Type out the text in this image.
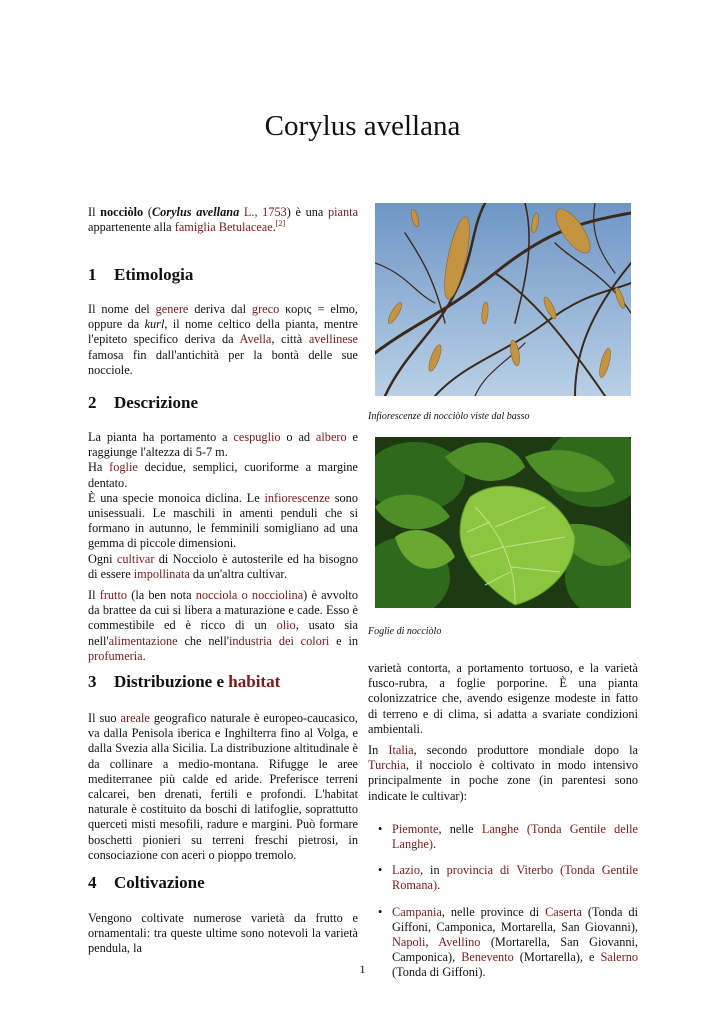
Corylus avellana
Il nocciòlo (Corylus avellana L., 1753) è una pianta appartenente alla famiglia Betulaceae.[2]
1 Etimologia
Il nome del genere deriva dal greco κορις = elmo, oppure da kurl, il nome celtico della pianta, mentre l'epiteto specifico deriva da Avella, città avellinese famosa fin dall'antichità per la bontà delle sue nocciole.
2 Descrizione

La pianta ha portamento a cespuglio o ad albero e raggiunge l'altezza di 5-7 m.

Ha foglie decidue, semplici, cuoriforme a margine dentato.

È una specie monoica diclina. Le infiorescenze sono unisessuali. Le maschili in amenti penduli che si formano in autunno, le femminili somigliano ad una gemma di piccole dimensioni.

Ogni cultivar di Nocciolo è autosterile ed ha bisogno di essere impollinata da un'altra cultivar.

Il frutto (la ben nota nocciola o nocciolina) è avvolto da brattee da cui si libera a maturazione e cade. Esso è commestibile ed è ricco di un olio, usato sia nell'alimentazione che nell'industria dei colori e in profumeria.

3 Distribuzione e habitat
Il suo areale geografico naturale è europeo-caucasico, va dalla Penisola iberica e Inghilterra fino al Volga, e dalla Svezia alla Sicilia. La distribuzione altitudinale è da collinare a medio-montana. Rifugge le aree mediterranee più calde ed aride. Preferisce terreni calcarei, ben drenati, fertili e profondi. L'habitat naturale è costituito da boschi di latifoglie, soprattutto querceti misti mesofili, radure e margini. Può formare boschetti pionieri su terreni freschi pietrosi, in consociazione con aceri o pioppo tremolo.
4 Coltivazione
Vengono coltivate numerose varietà da frutto e ornamentali: tra queste ultime sono notevoli la varietà pendula, la
Infiorescenze di nocciòlo viste dal basso
Foglie di nocciòlo

varietà contorta, a portamento tortuoso, e la varietà fusco-rubra, a foglie porporine. È una pianta colonizzatrice che, avendo esigenze modeste in fatto di terreno e di clima, si adatta a svariate condizioni ambientali.

In Italia, secondo produttore mondiale dopo la Turchia, il nocciolo è coltivato in modo intensivo principalmente in poche zone (in parentesi sono indicate le cultivar):

• Piemonte, nelle Langhe (Tonda Gentile delle Langhe).
• Lazio, in provincia di Viterbo (Tonda Gentile Romana).
• Campania, nelle province di Caserta (Tonda di Giffoni, Camponica, Mortarella, San Giovanni), Napoli, Avellino (Mortarella, San Giovanni, Camponica), Benevento (Mortarella), e Salerno (Tonda di Giffoni).
1
